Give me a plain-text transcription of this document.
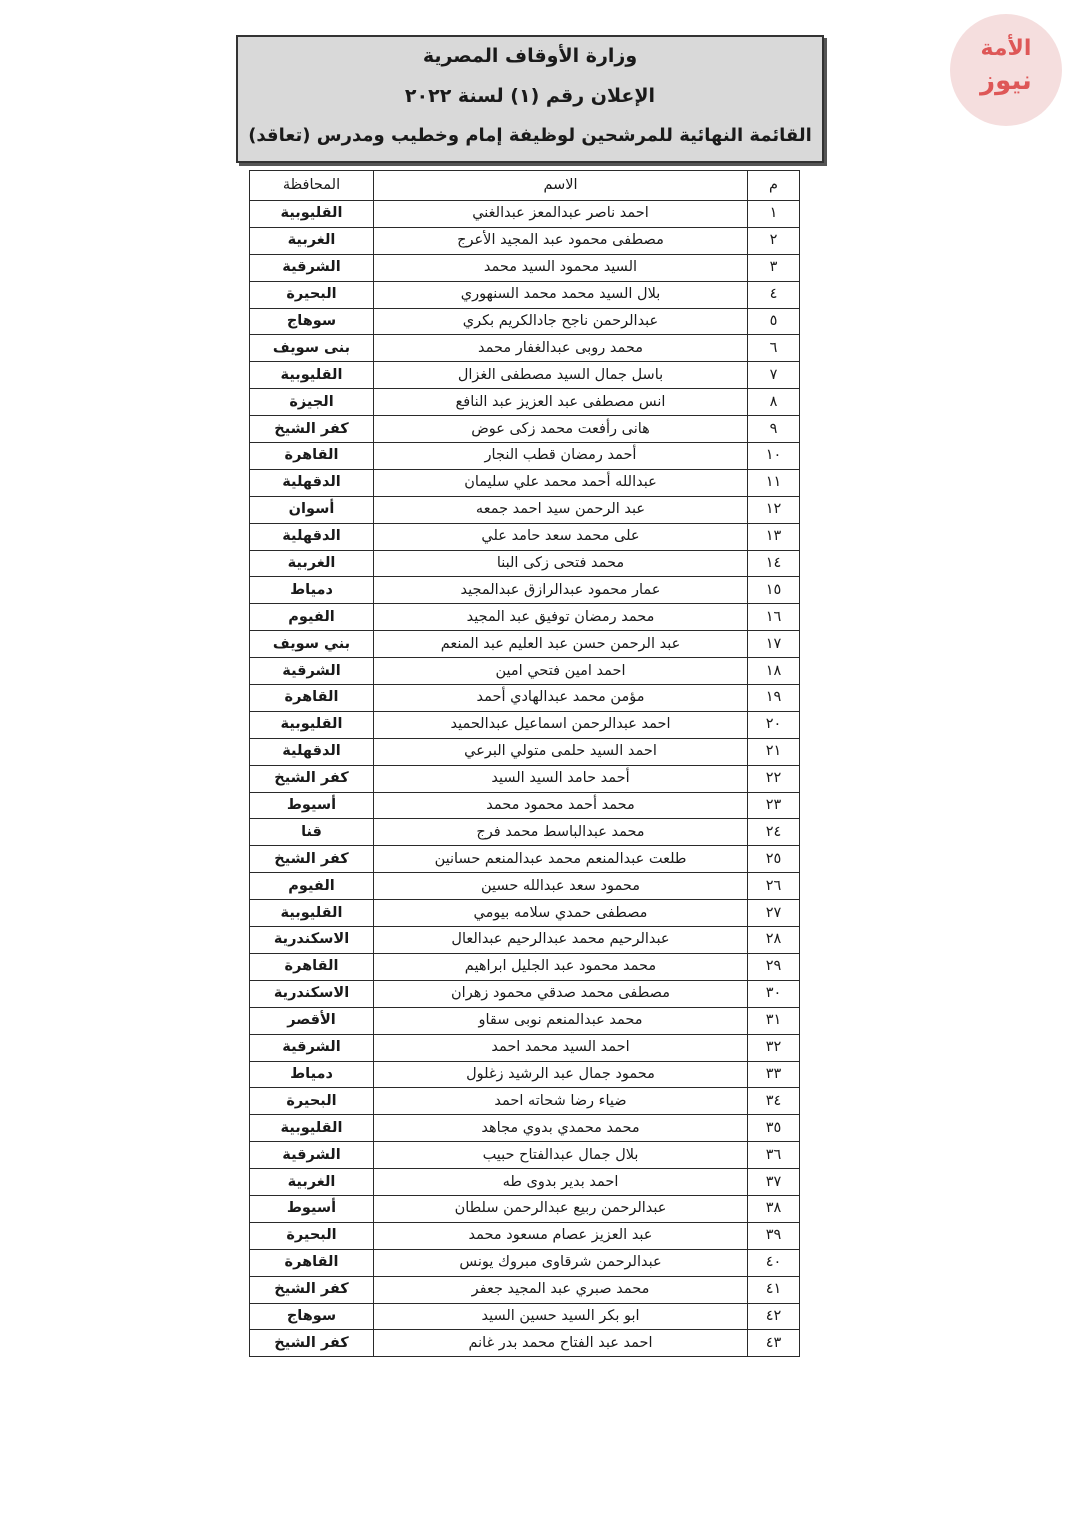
الأمة
نيوز
وزارة الأوقاف المصرية
الإعلان رقم (١) لسنة ٢٠٢٢
القائمة النهائية للمرشحين لوظيفة إمام وخطيب ومدرس (تعاقد)
م	الاسم	المحافظة
١	احمد ناصر عبدالمعز عبدالغني	القليوبية
٢	مصطفى محمود عبد المجيد الأعرج	الغربية
٣	السيد محمود السيد محمد	الشرقية
٤	بلال السيد محمد محمد السنهوري	البحيرة
٥	عبدالرحمن ناجح جادالكريم بكري	سوهاج
٦	محمد روبى عبدالغفار محمد	بنى سويف
٧	باسل جمال السيد مصطفى الغزال	القليوبية
٨	انس مصطفى عبد العزيز عبد النافع	الجيزة
٩	هانى رأفعت محمد زكى عوض	كفر الشيخ
١٠	أحمد رمضان قطب النجار	القاهرة
١١	عبدالله أحمد محمد علي سليمان	الدقهلية
١٢	عبد الرحمن سيد احمد جمعه	أسوان
١٣	على محمد سعد حامد علي	الدقهلية
١٤	محمد فتحى زكى البنا	الغربية
١٥	عمار محمود عبدالرازق عبدالمجيد	دمياط
١٦	محمد رمضان توفيق عبد المجيد	الفيوم
١٧	عبد الرحمن حسن عبد العليم عبد المنعم	بني سويف
١٨	احمد امين فتحي امين	الشرقية
١٩	مؤمن محمد عبدالهادي أحمد	القاهرة
٢٠	احمد عبدالرحمن اسماعيل عبدالحميد	القليوبية
٢١	احمد السيد حلمى متولي البرعي	الدقهلية
٢٢	أحمد حامد السيد السيد	كفر الشيخ
٢٣	محمد أحمد محمود محمد	أسيوط
٢٤	محمد عبدالباسط محمد فرج	قنا
٢٥	طلعت عبدالمنعم محمد عبدالمنعم حسانين	كفر الشيخ
٢٦	محمود سعد عبدالله حسين	الفيوم
٢٧	مصطفى حمدي سلامه بيومي	القليوبية
٢٨	عبدالرحيم محمد عبدالرحيم عبدالعال	الاسكندرية
٢٩	محمد محمود عبد الجليل ابراهيم	القاهرة
٣٠	مصطفى محمد صدقي محمود زهران	الاسكندرية
٣١	محمد عبدالمنعم نوبى سقاو	الأقصر
٣٢	احمد السيد محمد احمد	الشرقية
٣٣	محمود جمال عبد الرشيد زغلول	دمياط
٣٤	ضياء رضا شحاته احمد	البحيرة
٣٥	محمد محمدي بدوي مجاهد	القليوبية
٣٦	بلال جمال عبدالفتاح حبيب	الشرقية
٣٧	احمد بدير بدوى طه	الغربية
٣٨	عبدالرحمن ربيع عبدالرحمن سلطان	أسيوط
٣٩	عبد العزيز عصام مسعود محمد	البحيرة
٤٠	عبدالرحمن شرقاوى مبروك يونس	القاهرة
٤١	محمد صبري عبد المجيد جعفر	كفر الشيخ
٤٢	ابو بكر السيد حسين السيد	سوهاج
٤٣	احمد عبد الفتاح محمد بدر غانم	كفر الشيخ
